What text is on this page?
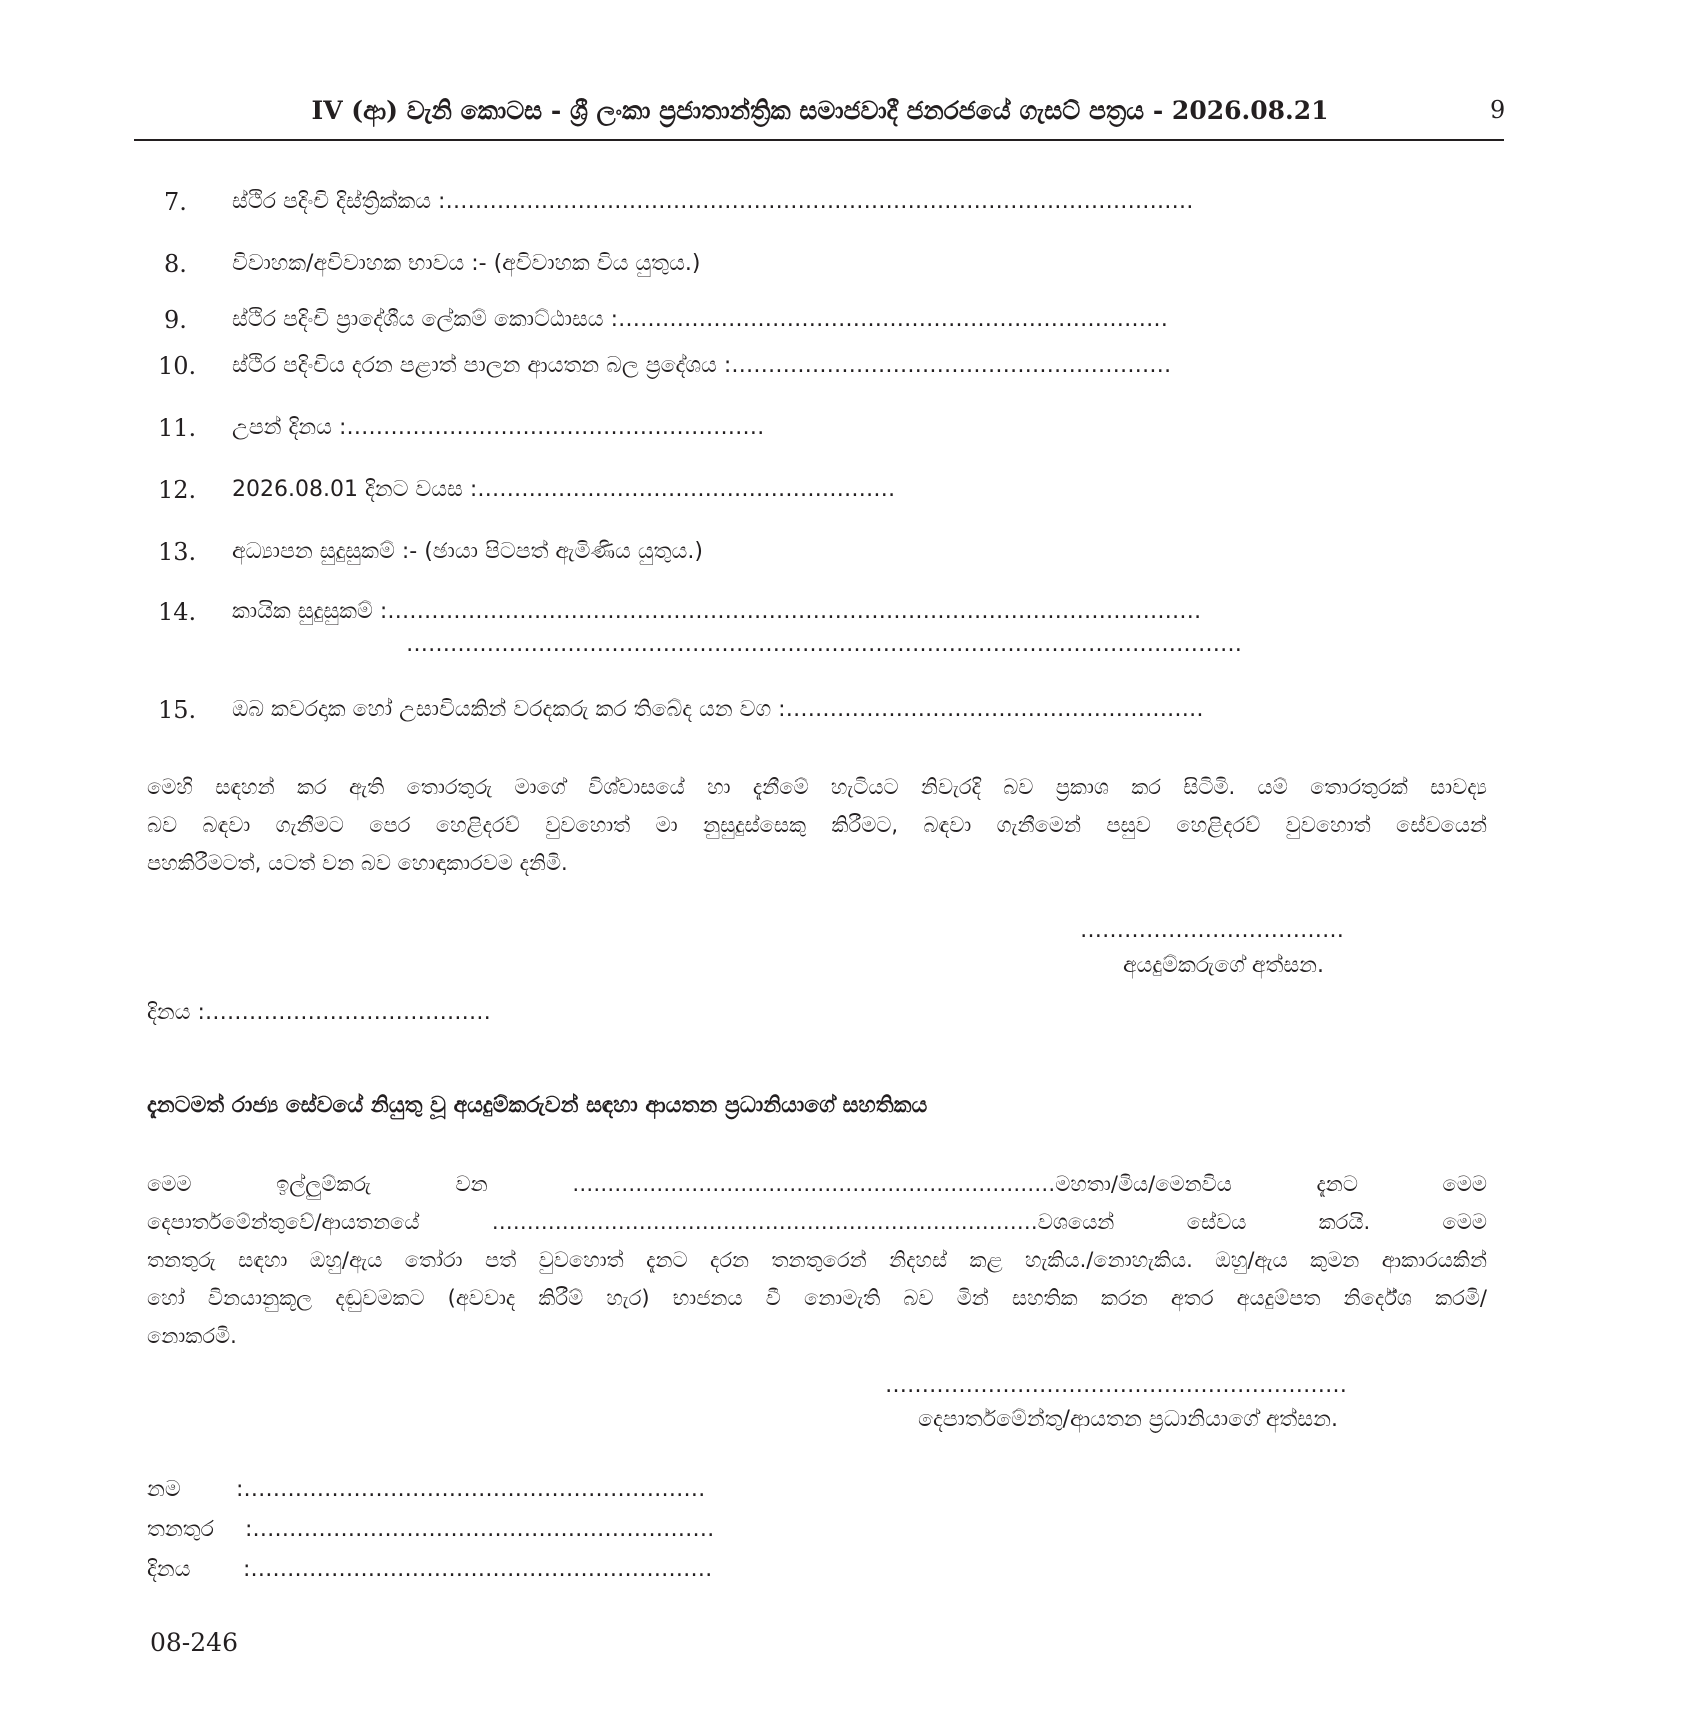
IV (ආ) වැනි කොටස - ශ්‍රී ලංකා ප්‍රජාතාන්ත්‍රික සමාජවාදී ජනරජයේ ගැසට් පත්‍රය - 2026.08.21	9
7. ස්ථිර පදිංචි දිස්ත්‍රික්කය :…………………………………………………………………………………………
8. විවාහක/අවිවාහක භාවය :- (අවිවාහක විය යුතුය.)
9. ස්ථිර පදිංචි ප්‍රාදේශීය ලේකම් කොට්ඨාසය :…………………………………………………………………
10. ස්ථිර පදිංචිය දරන පළාත් පාලන ආයතන බල ප්‍රදේශය :……………………………………………………
11. උපන් දිනය :…………………………………………………
12. 2026.08.01 දිනට වයස :…………………………………………………
13. අධ්‍යාපන සුදුසුකම් :- (ඡායා පිටපත් ඇමිණිය යුතුය.)
14. කායික සුදුසුකම් :…………………………………………………………………………………………………
……………………………………………………………………………………………………
15. ඔබ කවරදාක හෝ උසාවියකින් වරදකරු කර තිබේද යන වග :…………………………………………………
මෙහි සඳහන් කර ඇති තොරතුරු මාගේ විශ්වාසයේ හා දැනීමේ හැටියට නිවැරදි බව ප්‍රකාශ කර සිටිමි. යම් තොරතුරක් සාවද්‍ය
බව බඳවා ගැනීමට පෙර හෙළිදරව් වුවහොත් මා නුසුදුස්සෙකු කිරීමට, බඳවා ගැනීමෙන් පසුව හෙළිදරව් වුවහොත් සේවයෙන්
පහකිරීමටත්, යටත් වන බව හොඳාකාරවම දනිමි.
………………………………
අයදුම්කරුගේ අත්සන.
දිනය :…………………………………
දැනටමත් රාජ්‍ය සේවයේ නියුතු වූ අයදුම්කරුවන් සඳහා ආයතන ප්‍රධානියාගේ සහතිකය
මෙම ඉල්ලුම්කරු වන ……………………………………………………………මහතා/මිය/මෙනවිය දැනට මෙම
දෙපාර්තමේන්තුවේ/ආයතනයේ ……………………………………………………………………වශයෙන් සේවය කරයි. මෙම
තනතුරු සඳහා ඔහු/ඇය තෝරා පත් වුවහොත් දැනට දරන තනතුරෙන් නිදහස් කළ හැකිය./නොහැකිය. ඔහු/ඇය කුමන ආකාරයකින්
හෝ විනයානුකූල දඬුවමකට (අවවාද කිරීම් හැර) භාජනය වී නොමැති බව මින් සහතික කරන අතර අයදුම්පත නිර්දේශ කරමි/
නොකරමි.
………………………………………………………
දෙපාර්තමේන්තු/ආයතන ප්‍රධානියාගේ අත්සන.
නම	:………………………………………………………
තනතුර :………………………………………………………
දිනය :………………………………………………………
08-246
